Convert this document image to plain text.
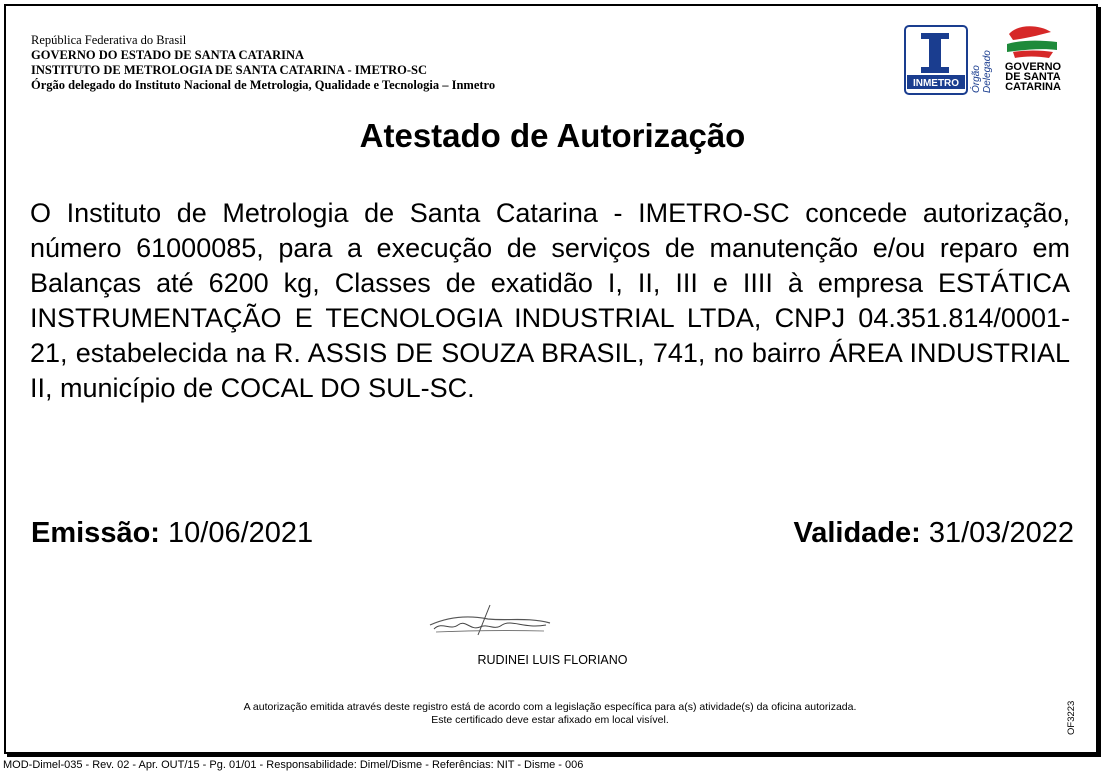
República Federativa do Brasil
GOVERNO DO ESTADO DE SANTA CATARINA
INSTITUTO DE METROLOGIA DE SANTA CATARINA - IMETRO-SC
Órgão delegado do Instituto Nacional de Metrologia, Qualidade e Tecnologia – Inmetro	INMETRO Órgão Delegado GOVERNO
DE SANTA
CATARINA
Atestado de Autorização

O Instituto de Metrologia de Santa Catarina - IMETRO-SC concede autorização, número 61000085, para a execução de serviços de manutenção e/ou reparo em Balanças até 6200 kg, Classes de exatidão I, II, III e IIII à empresa ESTÁTICA INSTRUMENTAÇÃO E TECNOLOGIA INDUSTRIAL LTDA, CNPJ 04.351.814/0001-21, estabelecida na R. ASSIS DE SOUZA BRASIL, 741, no bairro ÁREA INDUSTRIAL II, município de COCAL DO SUL-SC.

Emissão: 10/06/2021	Validade: 31/03/2022
RUDINEI LUIS FLORIANO
A autorização emitida através deste registro está de acordo com a legislação específica para a(s) atividade(s) da oficina autorizada.
Este certificado deve estar afixado em local visível.	OF3223
MOD-Dimel-035 - Rev. 02 - Apr. OUT/15 - Pg. 01/01 - Responsabilidade: Dimel/Disme - Referências: NIT - Disme - 006
